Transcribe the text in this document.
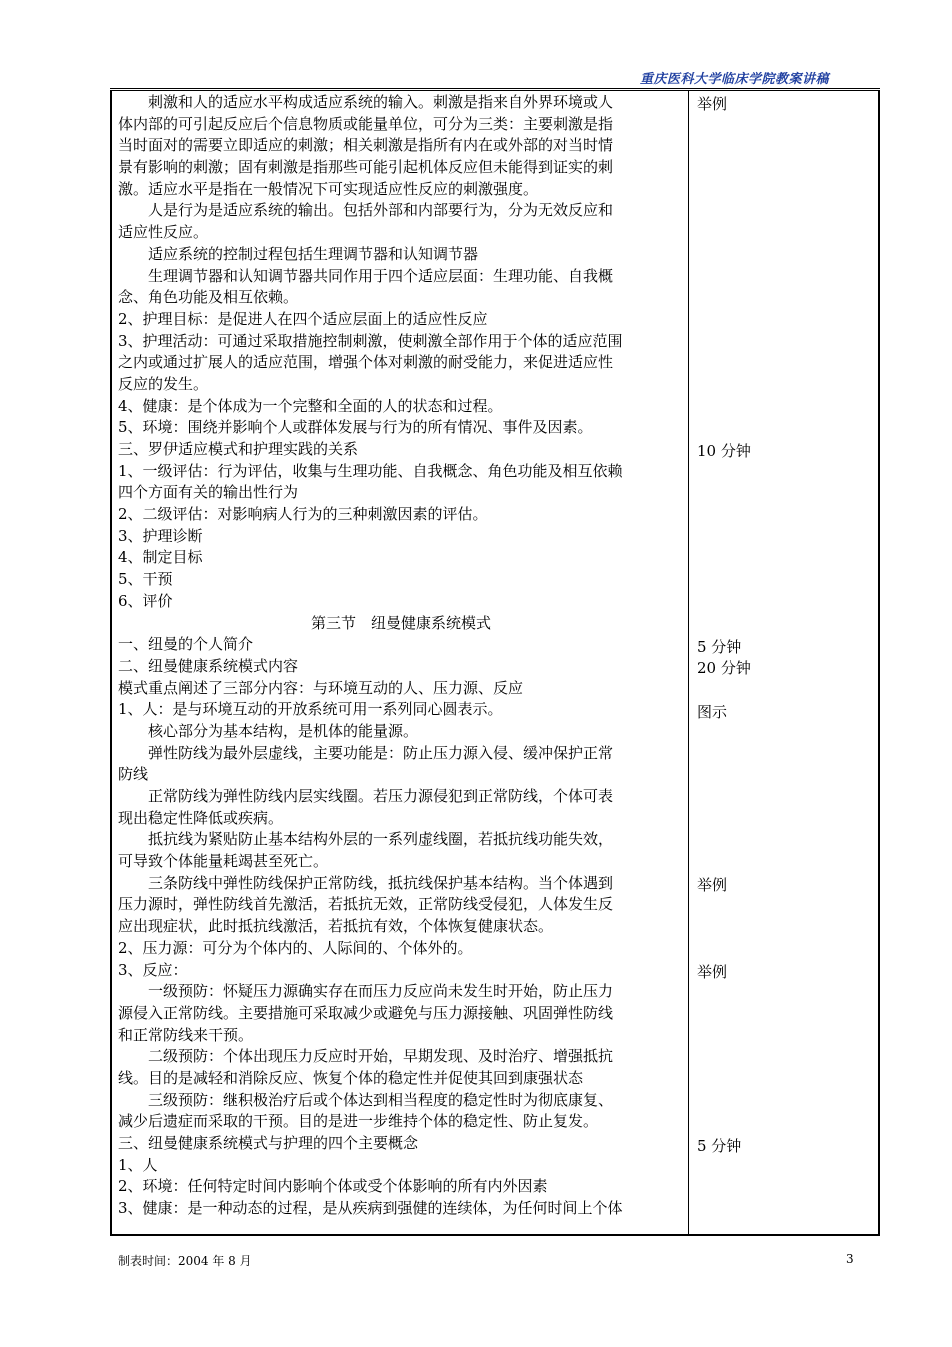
重庆医科大学临床学院教案讲稿
刺激和人的适应水平构成适应系统的输入。刺激是指来自外界环境或人
体内部的可引起反应后个信息物质或能量单位，可分为三类：主要刺激是指
当时面对的需要立即适应的刺激；相关刺激是指所有内在或外部的对当时情
景有影响的刺激；固有刺激是指那些可能引起机体反应但未能得到证实的刺
激。适应水平是指在一般情况下可实现适应性反应的刺激强度。
人是行为是适应系统的输出。包括外部和内部要行为，分为无效反应和
适应性反应。
适应系统的控制过程包括生理调节器和认知调节器
生理调节器和认知调节器共同作用于四个适应层面：生理功能、自我概
念、角色功能及相互依赖。
2、护理目标：是促进人在四个适应层面上的适应性反应
3、护理活动：可通过采取措施控制刺激，使刺激全部作用于个体的适应范围
之内或通过扩展人的适应范围，增强个体对刺激的耐受能力，来促进适应性
反应的发生。
4、健康：是个体成为一个完整和全面的人的状态和过程。
5、环境：围绕并影响个人或群体发展与行为的所有情况、事件及因素。
三、罗伊适应模式和护理实践的关系
1、一级评估：行为评估，收集与生理功能、自我概念、角色功能及相互依赖
四个方面有关的输出性行为
2、二级评估：对影响病人行为的三种刺激因素的评估。
3、护理诊断
4、制定目标
5、干预
6、评价
第三节　纽曼健康系统模式
一、纽曼的个人简介
二、纽曼健康系统模式内容
模式重点阐述了三部分内容：与环境互动的人、压力源、反应
1、人：是与环境互动的开放系统可用一系列同心圆表示。
核心部分为基本结构，是机体的能量源。
弹性防线为最外层虚线，主要功能是：防止压力源入侵、缓冲保护正常
防线
正常防线为弹性防线内层实线圈。若压力源侵犯到正常防线，个体可表
现出稳定性降低或疾病。
抵抗线为紧贴防止基本结构外层的一系列虚线圈，若抵抗线功能失效，
可导致个体能量耗竭甚至死亡。
三条防线中弹性防线保护正常防线，抵抗线保护基本结构。当个体遇到
压力源时，弹性防线首先激活，若抵抗无效，正常防线受侵犯，人体发生反
应出现症状，此时抵抗线激活，若抵抗有效，个体恢复健康状态。
2、压力源：可分为个体内的、人际间的、个体外的。
3、反应：
一级预防：怀疑压力源确实存在而压力反应尚未发生时开始，防止压力
源侵入正常防线。主要措施可采取减少或避免与压力源接触、巩固弹性防线
和正常防线来干预。
二级预防：个体出现压力反应时开始，早期发现、及时治疗、增强抵抗
线。目的是减轻和消除反应、恢复个体的稳定性并促使其回到康强状态
三级预防：继积极治疗后或个体达到相当程度的稳定性时为彻底康复、
减少后遗症而采取的干预。目的是进一步维持个体的稳定性、防止复发。
三、纽曼健康系统模式与护理的四个主要概念
1、人
2、环境：任何特定时间内影响个体或受个体影响的所有内外因素
3、健康：是一种动态的过程，是从疾病到强健的连续体，为任何时间上个体
举例
10 分钟
5 分钟
20 分钟
图示
举例
举例
5 分钟
制表时间：2004 年 8 月	3
